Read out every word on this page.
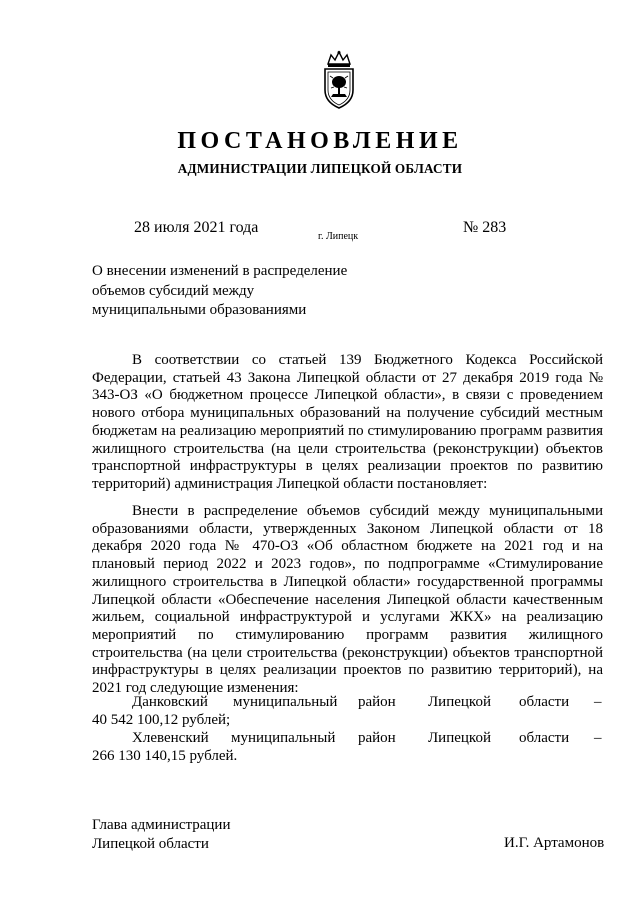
ПОСТАНОВЛЕНИЕ
АДМИНИСТРАЦИИ ЛИПЕЦКОЙ ОБЛАСТИ
28 июля 2021 года
г. Липецк
№ 283
О внесении изменений в распределение
объемов субсидий между
муниципальными образованиями
В соответствии со статьей 139 Бюджетного Кодекса Российской Федерации, статьей 43 Закона Липецкой области от 27 декабря 2019 года № 343-ОЗ «О бюджетном процессе Липецкой области», в связи с проведением нового отбора муниципальных образований на получение субсидий местным бюджетам на реализацию мероприятий по стимулированию программ развития жилищного строительства (на цели строительства (реконструкции) объектов транспортной инфраструктуры в целях реализации проектов по развитию территорий) администрация Липецкой области постановляет:
Внести в распределение объемов субсидий между муниципальными образованиями области, утвержденных Законом Липецкой области от 18 декабря 2020 года № 470-ОЗ «Об областном бюджете на 2021 год и на плановый период 2022 и 2023 годов», по подпрограмме «Стимулирование жилищного строительства в Липецкой области» государственной программы Липецкой области «Обеспечение населения Липецкой области качественным жильем, социальной инфраструктурой и услугами ЖКХ» на реализацию мероприятий по стимулированию программ развития жилищного строительства (на цели строительства (реконструкции) объектов транспортной инфраструктуры в целях реализации проектов по развитию территорий), на 2021 год следующие изменения:
Данковский муниципальный район Липецкой области –
40 542 100,12 рублей;
Хлевенский муниципальный район Липецкой области –
266 130 140,15 рублей.
Глава администрации
Липецкой области	И.Г. Артамонов
